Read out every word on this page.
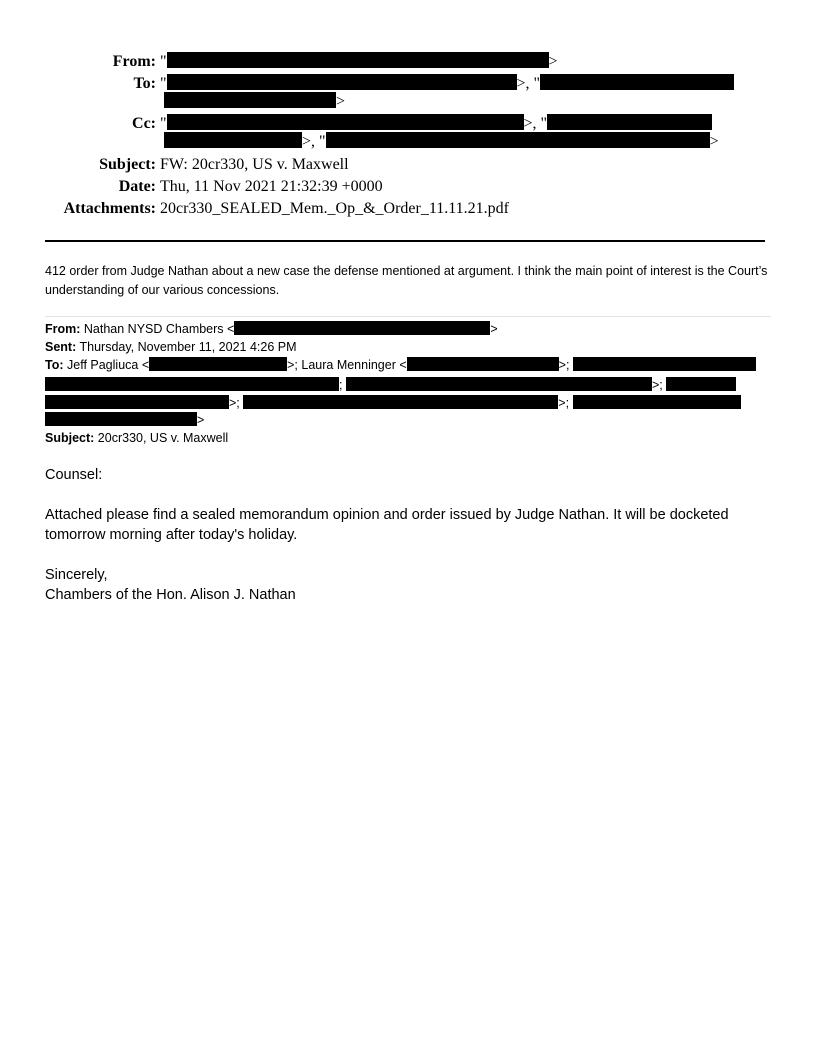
From: "	>
To: "	>, "
>
Cc: "	>, "
>, "	>
Subject: FW: 20cr330, US v. Maxwell
Date: Thu, 11 Nov 2021 21:32:39 +0000
Attachments: 20cr330_SEALED_Mem._Op_&_Order_11.11.21.pdf
412 order from Judge Nathan about a new case the defense mentioned at argument. I think the main point of interest is the Court’s understanding of our various concessions.
From: Nathan NYSD Chambers <	>
Sent: Thursday, November 11, 2021 4:26 PM
To: Jeff Pagliuca <	>; Laura Menninger <	>;
;	>;
>;	>;
>
Subject: 20cr330, US v. Maxwell
Counsel:
Attached please find a sealed memorandum opinion and order issued by Judge Nathan. It will be docketed
tomorrow morning after today's holiday.
Sincerely,
Chambers of the Hon. Alison J. Nathan
